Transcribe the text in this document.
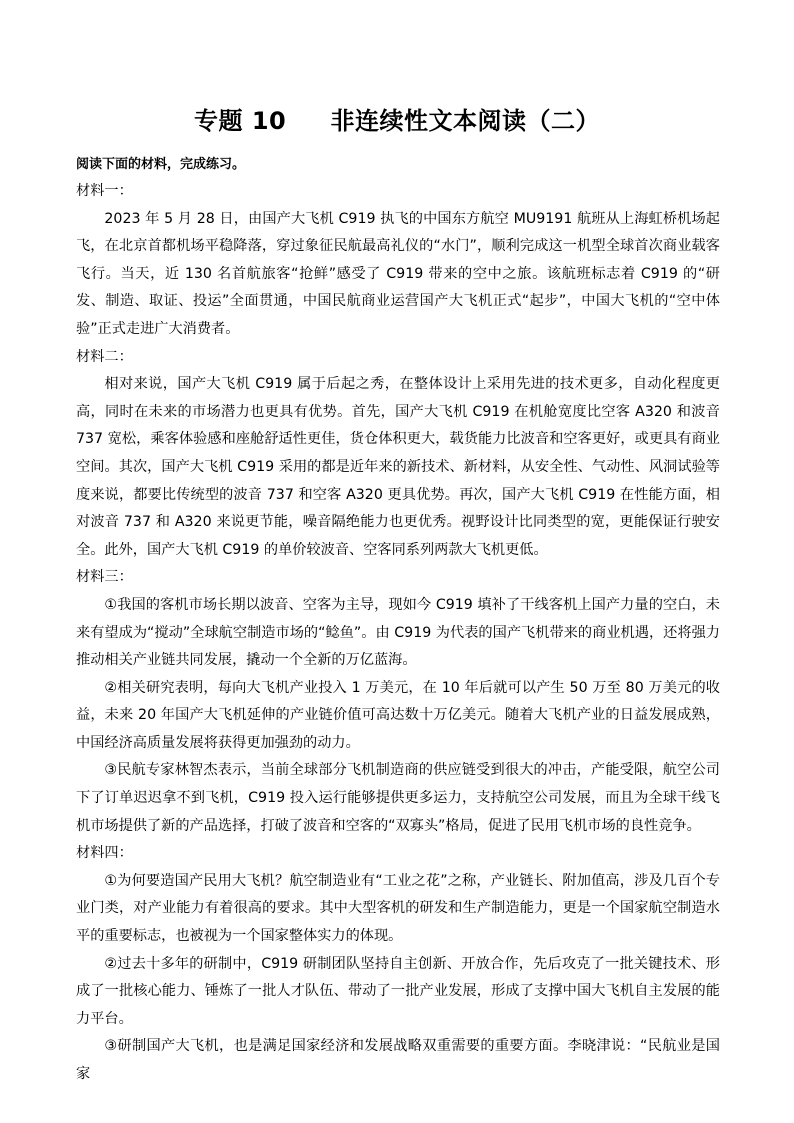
专题 10     非连续性文本阅读（二）

阅读下面的材料，完成练习。

材料一：

2023 年 5 月 28 日，由国产大飞机 C919 执飞的中国东方航空 MU9191 航班从上海虹桥机场起飞，在北京首都机场平稳降落，穿过象征民航最高礼仪的“水门”，顺利完成这一机型全球首次商业载客飞行。当天，近 130 名首航旅客“抢鲜”感受了 C919 带来的空中之旅。该航班标志着 C919 的“研发、制造、取证、投运”全面贯通，中国民航商业运营国产大飞机正式“起步”，中国大飞机的“空中体验”正式走进广大消费者。

材料二：

相对来说，国产大飞机 C919 属于后起之秀，在整体设计上采用先进的技术更多，自动化程度更高，同时在未来的市场潜力也更具有优势。首先，国产大飞机 C919 在机舱宽度比空客 A320 和波音 737 宽松，乘客体验感和座舱舒适性更佳，货仓体积更大，载货能力比波音和空客更好，或更具有商业空间。其次，国产大飞机 C919 采用的都是近年来的新技术、新材料，从安全性、气动性、风洞试验等度来说，都要比传统型的波音 737 和空客 A320 更具优势。再次，国产大飞机 C919 在性能方面，相对波音 737 和 A320 来说更节能，噪音隔绝能力也更优秀。视野设计比同类型的宽，更能保证行驶安全。此外，国产大飞机 C919 的单价较波音、空客同系列两款大飞机更低。

材料三：

①我国的客机市场长期以波音、空客为主导，现如今 C919 填补了干线客机上国产力量的空白，未来有望成为“搅动”全球航空制造市场的“鲶鱼”。由 C919 为代表的国产飞机带来的商业机遇，还将强力推动相关产业链共同发展，撬动一个全新的万亿蓝海。

②相关研究表明，每向大飞机产业投入 1 万美元，在 10 年后就可以产生 50 万至 80 万美元的收益，未来 20 年国产大飞机延伸的产业链价值可高达数十万亿美元。随着大飞机产业的日益发展成熟，中国经济高质量发展将获得更加强劲的动力。

③民航专家林智杰表示，当前全球部分飞机制造商的供应链受到很大的冲击，产能受限，航空公司下了订单迟迟拿不到飞机，C919 投入运行能够提供更多运力，支持航空公司发展，而且为全球干线飞机市场提供了新的产品选择，打破了波音和空客的“双寡头”格局，促进了民用飞机市场的良性竞争。

材料四：

①为何要造国产民用大飞机？航空制造业有“工业之花”之称，产业链长、附加值高，涉及几百个专业门类，对产业能力有着很高的要求。其中大型客机的研发和生产制造能力，更是一个国家航空制造水平的重要标志，也被视为一个国家整体实力的体现。

②过去十多年的研制中，C919 研制团队坚持自主创新、开放合作，先后攻克了一批关键技术、形成了一批核心能力、锤炼了一批人才队伍、带动了一批产业发展，形成了支撑中国大飞机自主发展的能力平台。

③研制国产大飞机，也是满足国家经济和发展战略双重需要的重要方面。李晓津说：“民航业是国家
